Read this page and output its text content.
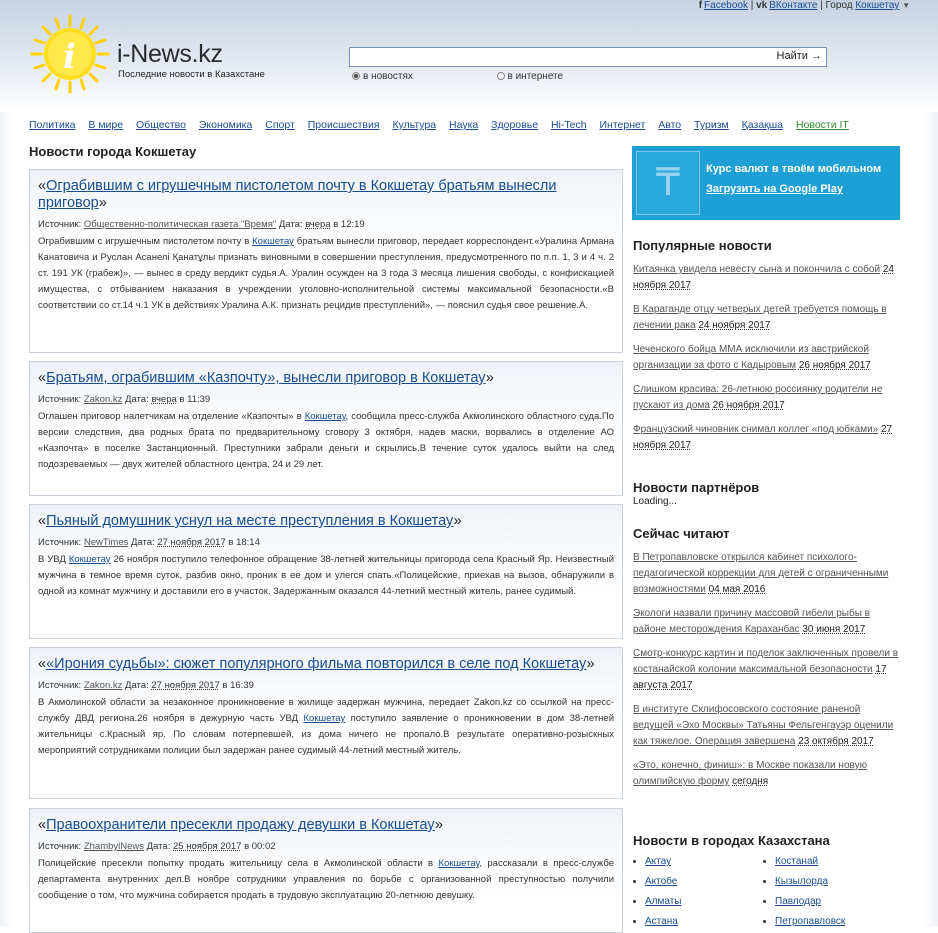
f Facebook | vk ВКонтакте | Город Кокшетау ▼
i i-News.kz
Последние новости в Казахстане
Найти →
в новостях	в интернете
Политика В мире Общество Экономика Спорт Происшествия Культура Наука Здоровье Hi-Tech Интернет Авто Туризм Қазақша Новости IT
Новости города Кокшетау
«Ограбившим с игрушечным пистолетом почту в Кокшетау братьям вынесли приговор»
Источник: Общественно-политическая газета "Время" Дата: вчера в 12:19
Ограбившим с игрушечным пистолетом почту в Кокшетау братьям вынесли приговор, передает корреспондент.«Уралина Армана Канатовича и Руслан Асанелі Қанатұлы признать виновными в совершении преступления, предусмотренного по п.п. 1, 3 и 4 ч. 2 ст. 191 УК (грабеж)», — вынес в среду вердикт судья.А. Уралин осужден на 3 года 3 месяца лишения свободы, с конфискацией имущества, с отбыванием наказания в учреждении уголовно-исполнительной системы максимальной безопасности.«В соответствии со ст.14 ч.1 УК в действиях Уралина А.К. признать рецидив преступлений», — пояснил судья свое решение.А.
«Братьям, ограбившим «Казпочту», вынесли приговор в Кокшетау»
Источник: Zakon.kz Дата: вчера в 11:39
Оглашен приговор налетчикам на отделение «Казпочты» в Кокшетау, сообщила пресс-служба Акмолинского областного суда.По версии следствия, два родных брата по предварительному сговору 3 октября, надев маски, ворвались в отделение АО «Казпочта» в поселке Застанционный. Преступники забрали деньги и скрылись.В течение суток удалось выйти на след подозреваемых — двух жителей областного центра, 24 и 29 лет.
«Пьяный домушник уснул на месте преступления в Кокшетау»
Источник: NewTimes Дата: 27 ноября 2017 в 18:14
В УВД Кокшетау 26 ноября поступило телефонное обращение 38-летней жительницы пригорода села Красный Яр. Неизвестный мужчина в темное время суток, разбив окно, проник в ее дом и улегся спать.«Полицейские, приехав на вызов, обнаружили в одной из комнат мужчину и доставили его в участок. Задержанным оказался 44-летний местный житель, ранее судимый.
««Ирония судьбы»: сюжет популярного фильма повторился в селе под Кокшетау»
Источник: Zakon.kz Дата: 27 ноября 2017 в 16:39
В Акмолинской области за незаконное проникновение в жилище задержан мужчина, передает Zakon.kz со ссылкой на пресс-службу ДВД региона.26 ноября в дежурную часть УВД Кокшетау поступило заявление о проникновении в дом 38-летней жительницы с.Красный яр. По словам потерпевшей, из дома ничего не пропало.В результате оперативно-розыскных мероприятий сотрудниками полиции был задержан ранее судимый 44-летний местный житель.
«Правоохранители пресекли продажу девушки в Кокшетау»
Источник: ZhambylNews Дата: 25 ноября 2017 в 00:02
Полицейские пресекли попытку продать жительницу села в Акмолинской области в Кокшетау, рассказали в пресс-службе департамента внутренних дел.В ноябре сотрудники управления по борьбе с организованной преступностью получили сообщение о том, что мужчина собирается продать в трудовую эксплуатацию 20-летнюю девушку.
₸	Курс валют в твоём мобильном
Загрузить на Google Play
Популярные новости
Китаянка увидела невесту сына и покончила с собой 24 ноября 2017
В Караганде отцу четверых детей требуется помощь в лечении рака 24 ноября 2017
Чеченского бойца ММА исключили из австрийской организации за фото с Кадыровым 26 ноября 2017
Слишком красива: 26-летнюю россиянку родители не пускают из дома 26 ноября 2017
Французский чиновник снимал коллег «под юбками» 27 ноября 2017
Новости партнёров
Loading...
Сейчас читают
В Петропавловске открылся кабинет психолого-педагогической коррекции для детей с ограниченными возможностями 04 мая 2016
Экологи назвали причину массовой гибели рыбы в районе месторождения Караханбас 30 июня 2017
Смотр-конкурс картин и поделок заключенных провели в костанайской колонии максимальной безопасности 17 августа 2017
В институте Склифосовского состояние раненой ведущей «Эхо Москвы» Татьяны Фельгенгауэр оценили как тяжелое. Операция завершена 23 октября 2017
«Это, конечно, финиш»: в Москве показали новую олимпийскую форму сегодня
Новости в городах Казахстана
• Актау
• Актобе
• Алматы
• Астана
• Костанай
• Кызылорда
• Павлодар
• Петропавловск
